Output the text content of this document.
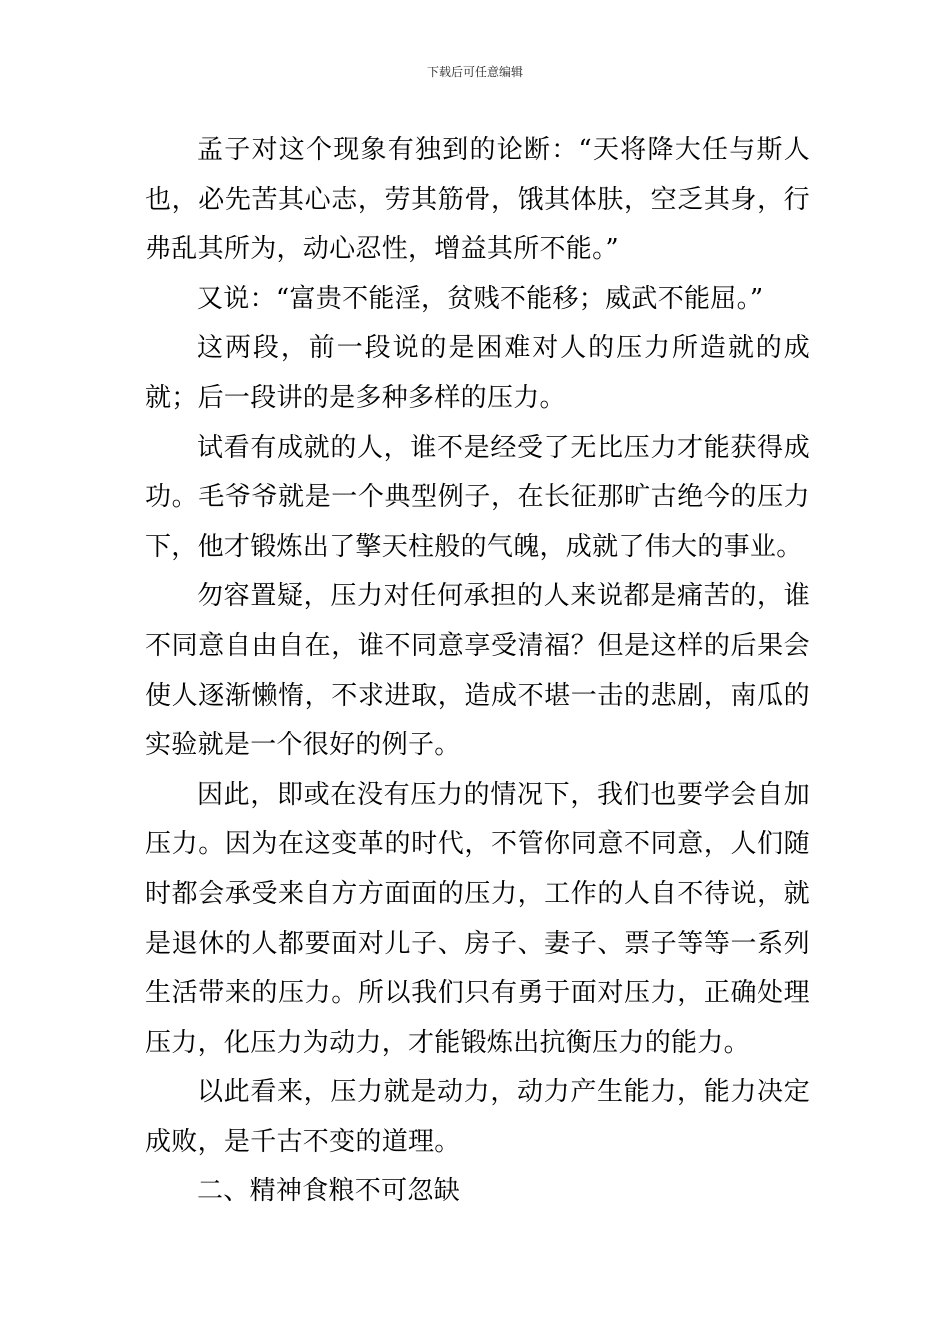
下载后可任意编辑

孟子对这个现象有独到的论断：“天将降大任与斯人也，必先苦其心志，劳其筋骨，饿其体肤，空乏其身，行弗乱其所为，动心忍性，增益其所不能。”

又说：“富贵不能淫，贫贱不能移；威武不能屈。”

这两段，前一段说的是困难对人的压力所造就的成就；后一段讲的是多种多样的压力。

试看有成就的人，谁不是经受了无比压力才能获得成功。毛爷爷就是一个典型例子，在长征那旷古绝今的压力下，他才锻炼出了擎天柱般的气魄，成就了伟大的事业。

勿容置疑，压力对任何承担的人来说都是痛苦的，谁不同意自由自在，谁不同意享受清福？但是这样的后果会使人逐渐懒惰，不求进取，造成不堪一击的悲剧，南瓜的实验就是一个很好的例子。

因此，即或在没有压力的情况下，我们也要学会自加压力。因为在这变革的时代，不管你同意不同意，人们随时都会承受来自方方面面的压力，工作的人自不待说，就是退休的人都要面对儿子、房子、妻子、票子等等一系列生活带来的压力。所以我们只有勇于面对压力，正确处理压力，化压力为动力，才能锻炼出抗衡压力的能力。

以此看来，压力就是动力，动力产生能力，能力决定成败，是千古不变的道理。

二、精神食粮不可忽缺
